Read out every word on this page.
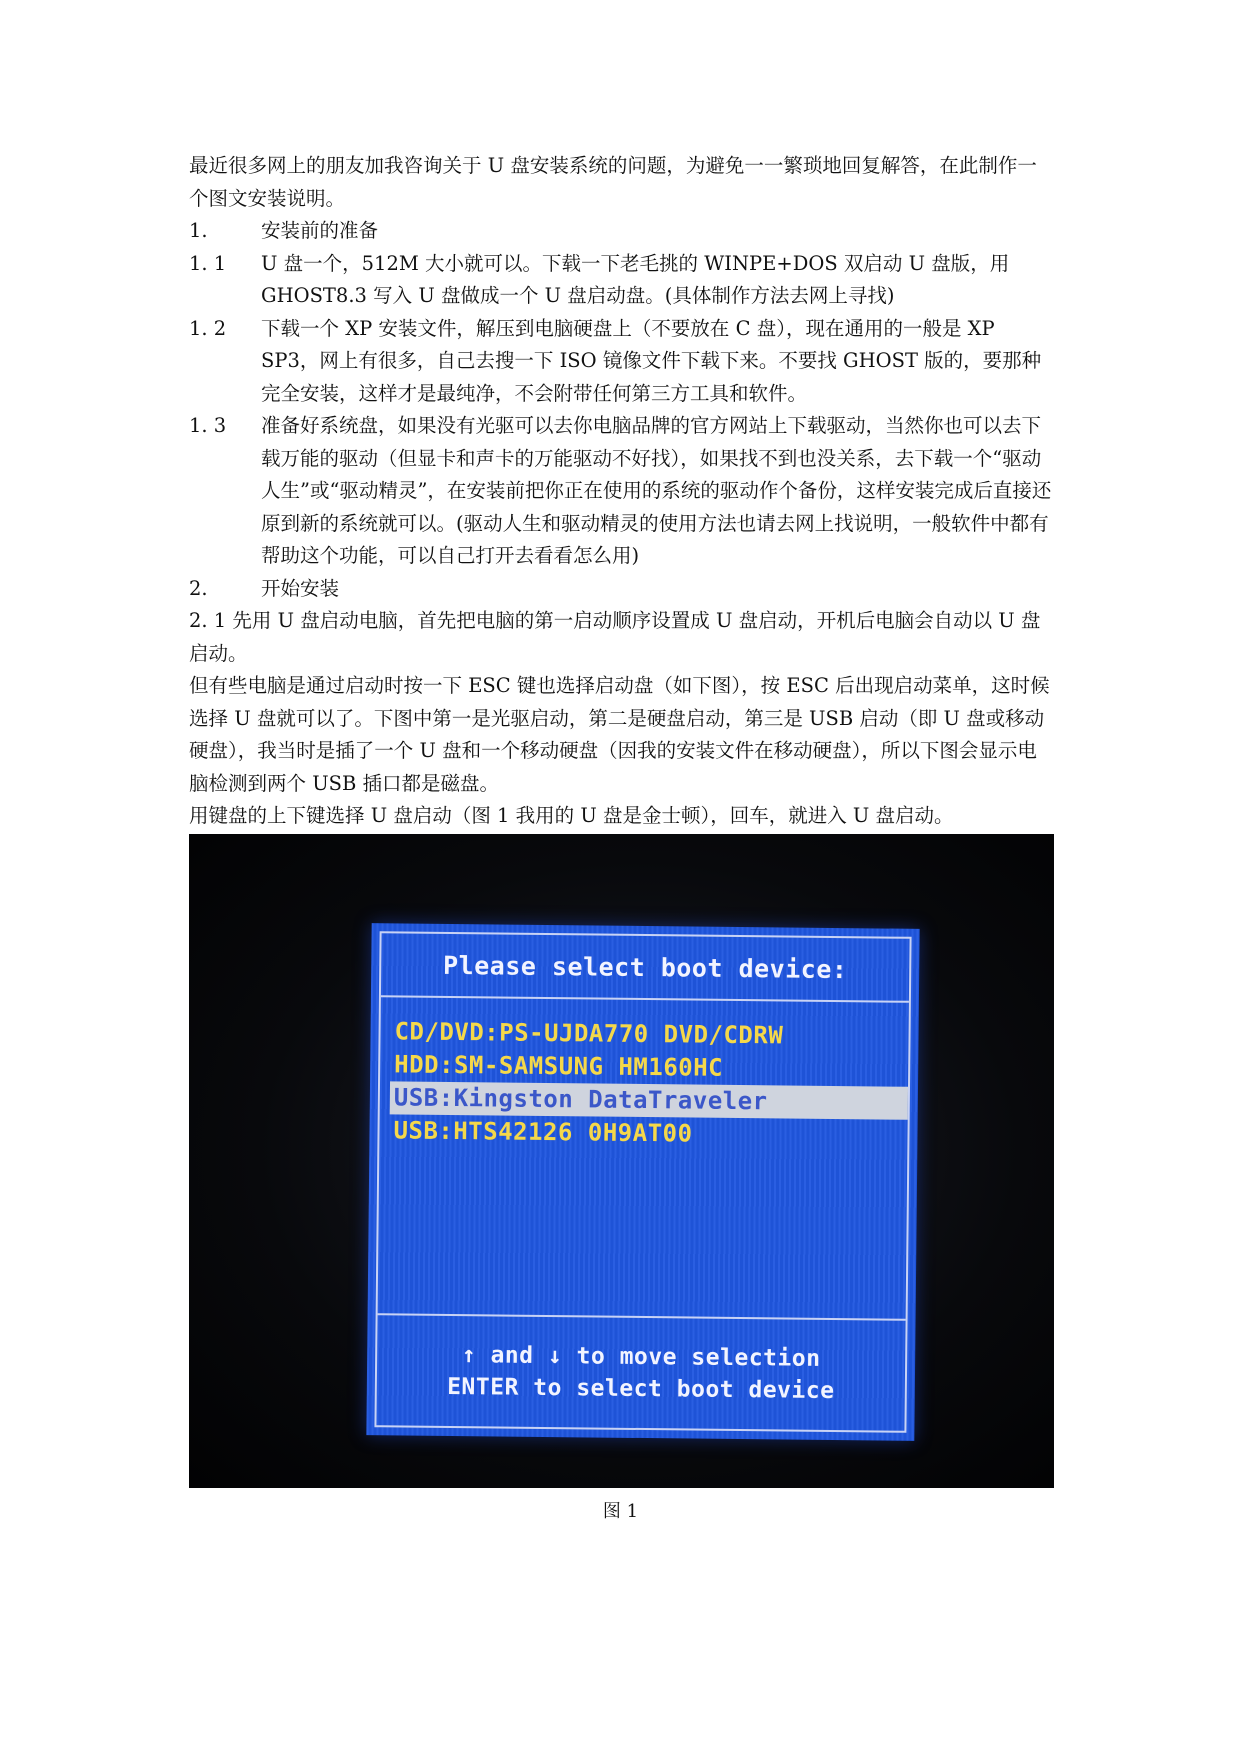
最近很多网上的朋友加我咨询关于 U 盘安装系统的问题，为避免一一繁琐地回复解答，在此制作一个图文安装说明。

1.	安装前的准备
1. 1	U 盘一个，512M 大小就可以。下载一下老毛挑的 WINPE+DOS 双启动 U 盘版，用 GHOST8.3 写入 U 盘做成一个 U 盘启动盘。(具体制作方法去网上寻找)
1. 2	下载一个 XP 安装文件，解压到电脑硬盘上（不要放在 C 盘），现在通用的一般是 XP SP3，网上有很多，自己去搜一下 ISO 镜像文件下载下来。不要找 GHOST 版的，要那种完全安装，这样才是最纯净，不会附带任何第三方工具和软件。
1. 3	准备好系统盘，如果没有光驱可以去你电脑品牌的官方网站上下载驱动，当然你也可以去下载万能的驱动（但显卡和声卡的万能驱动不好找），如果找不到也没关系，去下载一个“驱动人生”或“驱动精灵”，在安装前把你正在使用的系统的驱动作个备份，这样安装完成后直接还原到新的系统就可以。(驱动人生和驱动精灵的使用方法也请去网上找说明，一般软件中都有帮助这个功能，可以自己打开去看看怎么用)
2.	开始安装

2. 1 先用 U 盘启动电脑，首先把电脑的第一启动顺序设置成 U 盘启动，开机后电脑会自动以 U 盘启动。

但有些电脑是通过启动时按一下 ESC 键也选择启动盘（如下图），按 ESC 后出现启动菜单，这时候选择 U 盘就可以了。下图中第一是光驱启动，第二是硬盘启动，第三是 USB 启动（即 U 盘或移动硬盘），我当时是插了一个 U 盘和一个移动硬盘（因我的安装文件在移动硬盘），所以下图会显示电脑检测到两个 USB 插口都是磁盘。

用键盘的上下键选择 U 盘启动（图 1 我用的 U 盘是金士顿），回车，就进入 U 盘启动。

Please select boot device:
CD/DVD:PS-UJDA770 DVD/CDRW
HDD:SM-SAMSUNG HM160HC
USB:Kingston DataTraveler
USB:HTS42126 0H9AT00
↑ and ↓ to move selection
ENTER to select boot device
图 1
